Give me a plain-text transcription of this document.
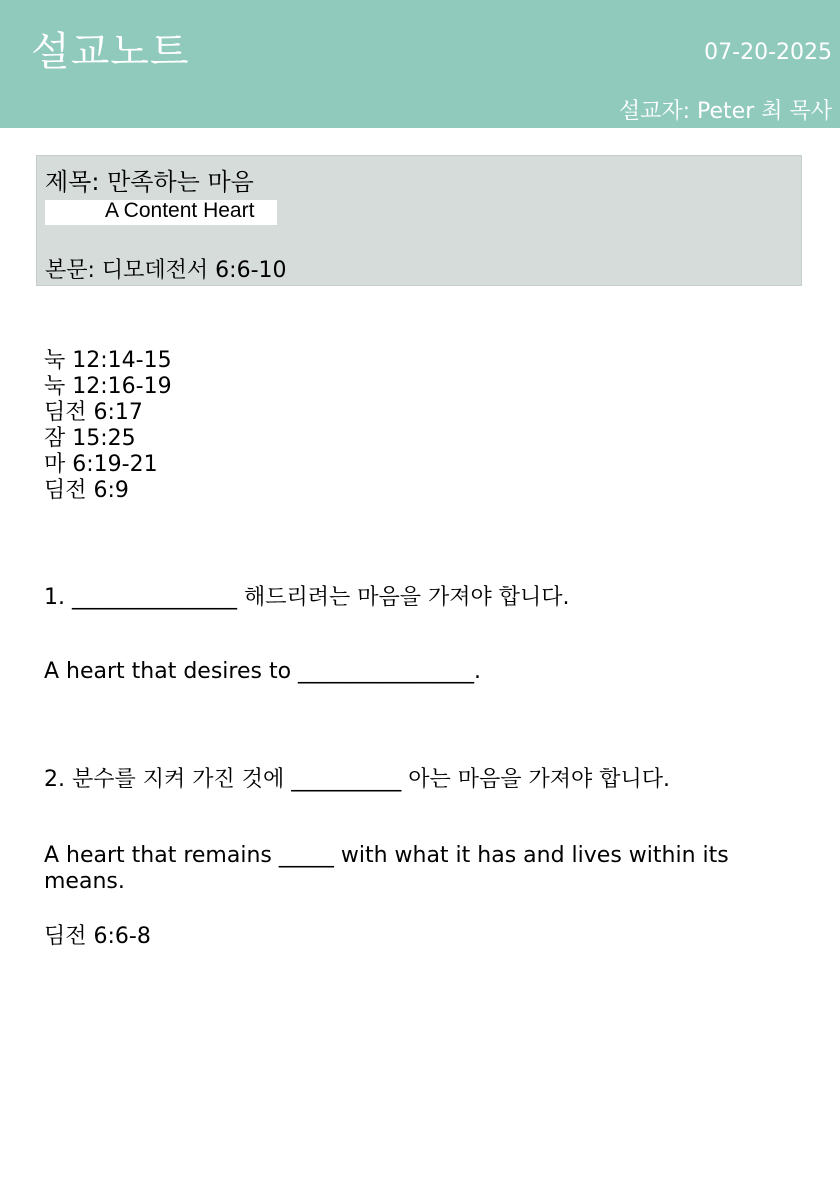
설교노트	07-20-2025
설교자: Peter 최 목사
제목: 만족하는 마음
A Content Heart
본문: 디모데전서 6:6-10
눅 12:14-15
눅 12:16-19
딤전 6:17
잠 15:25
마 6:19-21
딤전 6:9
1. _______________ 해드리려는 마음을 가져야 합니다.
A heart that desires to ________________.
2. 분수를 지켜 가진 것에 __________ 아는 마음을 가져야 합니다.
A heart that remains _____ with what it has and lives within its means.
딤전 6:6-8
